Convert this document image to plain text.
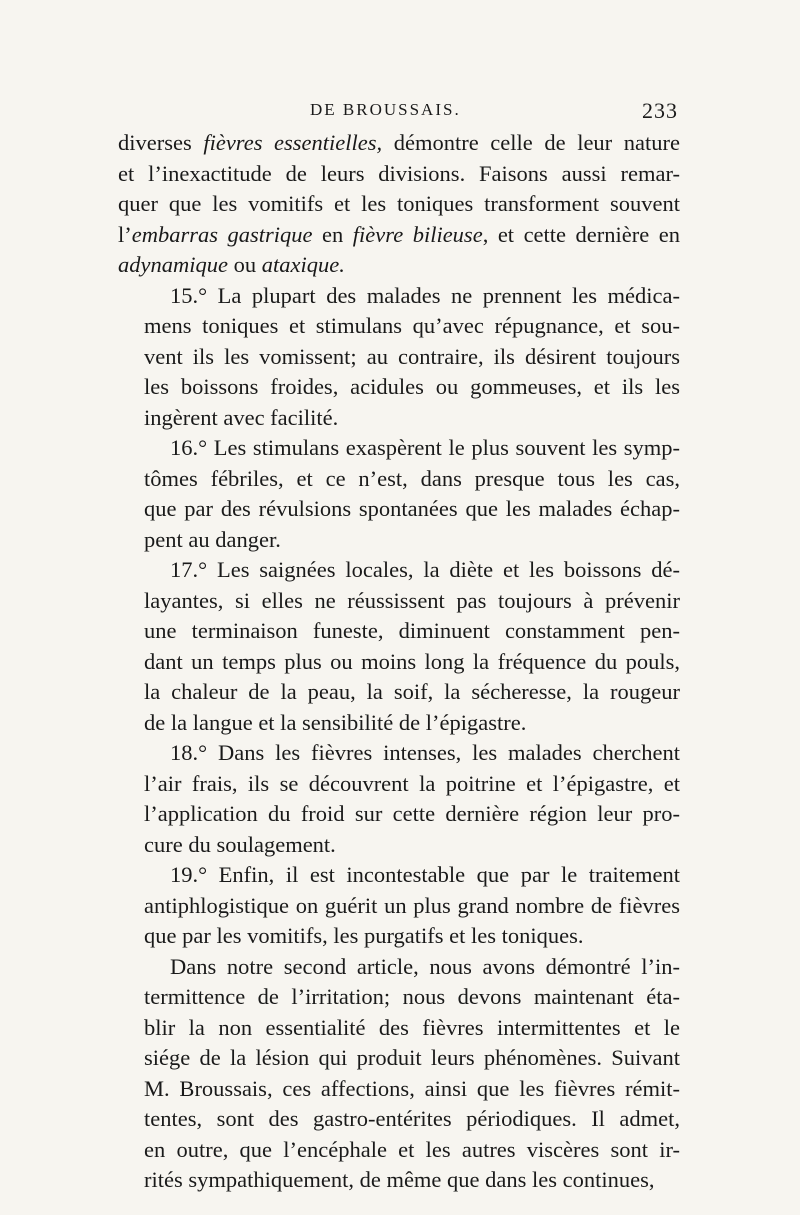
DE BROUSSAIS.	233
diverses fièvres essentielles, démontre celle de leur nature
et l’inexactitude de leurs divisions. Faisons aussi remar-
quer que les vomitifs et les toniques transforment souvent
l’embarras gastrique en fièvre bilieuse, et cette dernière en
adynamique ou ataxique.
15.° La plupart des malades ne prennent les médica-
mens toniques et stimulans qu’avec répugnance, et sou-
vent ils les vomissent; au contraire, ils désirent toujours
les boissons froides, acidules ou gommeuses, et ils les
ingèrent avec facilité.
16.° Les stimulans exaspèrent le plus souvent les symp-
tômes fébriles, et ce n’est, dans presque tous les cas,
que par des révulsions spontanées que les malades échap-
pent au danger.
17.° Les saignées locales, la diète et les boissons dé-
layantes, si elles ne réussissent pas toujours à prévenir
une terminaison funeste, diminuent constamment pen-
dant un temps plus ou moins long la fréquence du pouls,
la chaleur de la peau, la soif, la sécheresse, la rougeur
de la langue et la sensibilité de l’épigastre.
18.° Dans les fièvres intenses, les malades cherchent
l’air frais, ils se découvrent la poitrine et l’épigastre, et
l’application du froid sur cette dernière région leur pro-
cure du soulagement.
19.° Enfin, il est incontestable que par le traitement
antiphlogistique on guérit un plus grand nombre de fièvres
que par les vomitifs, les purgatifs et les toniques.
Dans notre second article, nous avons démontré l’in-
termittence de l’irritation; nous devons maintenant éta-
blir la non essentialité des fièvres intermittentes et le
siége de la lésion qui produit leurs phénomènes. Suivant
M. Broussais, ces affections, ainsi que les fièvres rémit-
tentes, sont des gastro-entérites périodiques. Il admet,
en outre, que l’encéphale et les autres viscères sont ir-
rités sympathiquement, de même que dans les continues,
